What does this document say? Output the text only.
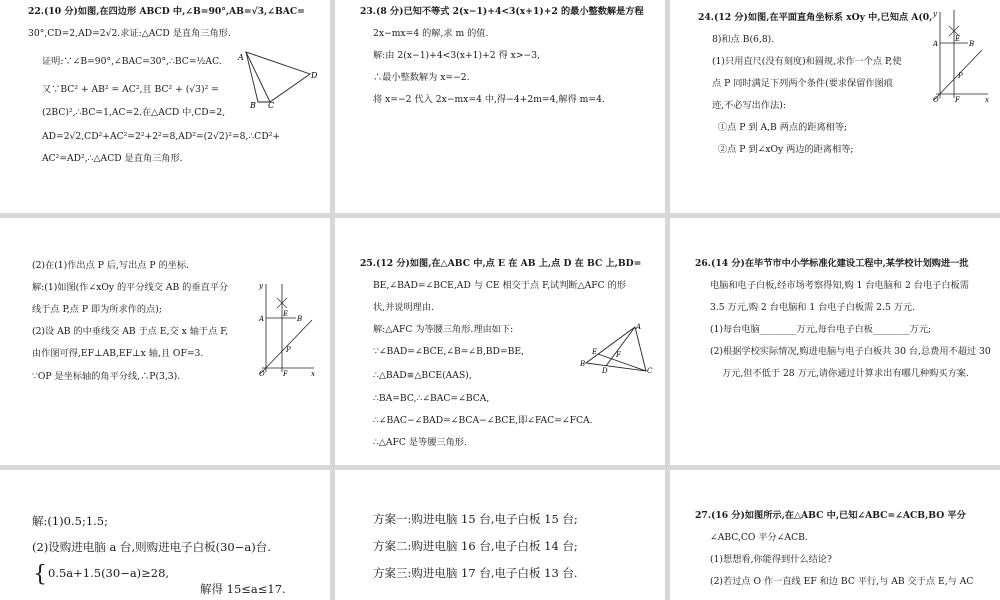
22.(10 分)如图,在四边形 ABCD 中,∠B=90°,AB=√3,∠BAC=
30°,CD=2,AD=2√2.求证:△ACD 是直角三角形.
证明:∵∠B=90°,∠BAC=30°,∴BC=½AC.
又∵BC² + AB² = AC²,且 BC² + (√3)² =
(2BC)²,∴BC=1,AC=2.在△ACD 中,CD=2,
AD=2√2,CD²+AC²=2²+2²=8,AD²=(2√2)²=8,∴CD²+
AC²=AD²,∴△ACD 是直角三角形.
A
B C
D
23.(8 分)已知不等式 2(x−1)+4<3(x+1)+2 的最小整数解是方程
2x−mx=4 的解,求 m 的值.
解:由 2(x−1)+4<3(x+1)+2 得 x>−3,
∴最小整数解为 x=−2.
将 x=−2 代入 2x−mx=4 中,得−4+2m=4,解得 m=4.
24.(12 分)如图,在平面直角坐标系 xOy 中,已知点 A(0,
8)和点 B(6,8).
(1)只用直尺(没有刻度)和圆规,求作一个点 P,使
点 P 同时满足下列两个条件(要求保留作图痕
迹,不必写出作法):
①点 P 到 A,B 两点的距离相等;
②点 P 到∠xOy 两边的距离相等;
y
A
E
B
P
O F	x
(2)在(1)作出点 P 后,写出点 P 的坐标.
解:(1)如图(作∠xOy 的平分线交 AB 的垂直平分
线于点 P,点 P 即为所求作的点);
(2)设 AB 的中垂线交 AB 于点 E,交 x 轴于点 F,
由作图可得,EF⊥AB,EF⊥x 轴,且 OF=3.
∵OP 是坐标轴的角平分线,∴P(3,3).
y
A
E
B
P
O	F	x
25.(12 分)如图,在△ABC 中,点 E 在 AB 上,点 D 在 BC 上,BD=
BE,∠BAD=∠BCE,AD 与 CE 相交于点 F,试判断△AFC 的形
状,并说明理由.
解:△AFC 为等腰三角形.理由如下:
∵∠BAD=∠BCE,∠B=∠B,BD=BE,
∴△BAD≌△BCE(AAS),
∴BA=BC,∴∠BAC=∠BCA,
∴∠BAC−∠BAD=∠BCA−∠BCE,即∠FAC=∠FCA.
∴△AFC 是等腰三角形.
A
E	F
B
D	C
26.(14 分)在毕节市中小学标准化建设工程中,某学校计划购进一批
电脑和电子白板,经市场考察得知,购 1 台电脑和 2 台电子白板需
3.5 万元,购 2 台电脑和 1 台电子白板需 2.5 万元.
(1)每台电脑________万元,每台电子白板________万元;
(2)根据学校实际情况,购进电脑与电子白板共 30 台,总费用不超过 30
万元,但不低于 28 万元,请你通过计算求出有哪几种购买方案.
解:(1)0.5;1.5;
(2)设购进电脑 a 台,则购进电子白板(30−a)台.
{ 0.5a+1.5(30−a)≥28,
解得 15≤a≤17.
方案一:购进电脑 15 台,电子白板 15 台;
方案二:购进电脑 16 台,电子白板 14 台;
方案三:购进电脑 17 台,电子白板 13 台.
27.(16 分)如图所示,在△ABC 中,已知∠ABC=∠ACB,BO 平分
∠ABC,CO 平分∠ACB.
(1)想想看,你能得到什么结论?
(2)若过点 O 作一直线 EF 和边 BC 平行,与 AB 交于点 E,与 AC
